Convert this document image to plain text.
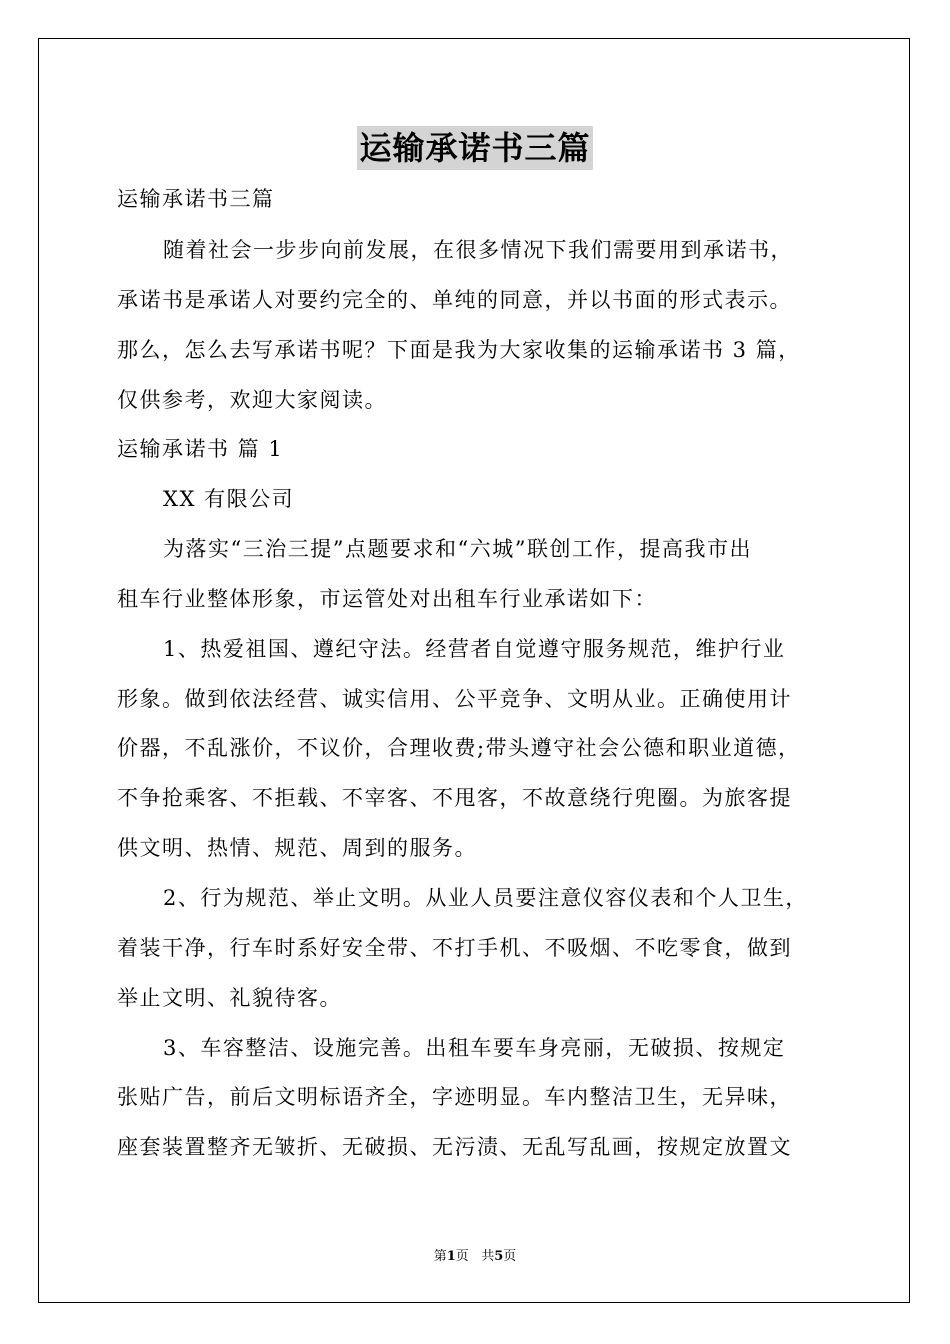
运输承诺书三篇
运输承诺书三篇
随着社会一步步向前发展，在很多情况下我们需要用到承诺书，
承诺书是承诺人对要约完全的、单纯的同意，并以书面的形式表示。
那么，怎么去写承诺书呢？下面是我为大家收集的运输承诺书 3 篇，
仅供参考，欢迎大家阅读。
运输承诺书 篇 1
XX 有限公司
为落实“三治三提”点题要求和“六城”联创工作，提高我市出
租车行业整体形象，市运管处对出租车行业承诺如下：
1、热爱祖国、遵纪守法。经营者自觉遵守服务规范，维护行业
形象。做到依法经营、诚实信用、公平竞争、文明从业。正确使用计
价器，不乱涨价，不议价，合理收费;带头遵守社会公德和职业道德，
不争抢乘客、不拒载、不宰客、不甩客，不故意绕行兜圈。为旅客提
供文明、热情、规范、周到的服务。
2、行为规范、举止文明。从业人员要注意仪容仪表和个人卫生，
着装干净，行车时系好安全带、不打手机、不吸烟、不吃零食，做到
举止文明、礼貌待客。
3、车容整洁、设施完善。出租车要车身亮丽，无破损、按规定
张贴广告，前后文明标语齐全，字迹明显。车内整洁卫生，无异味，
座套装置整齐无皱折、无破损、无污渍、无乱写乱画，按规定放置文
第1页 共5页
